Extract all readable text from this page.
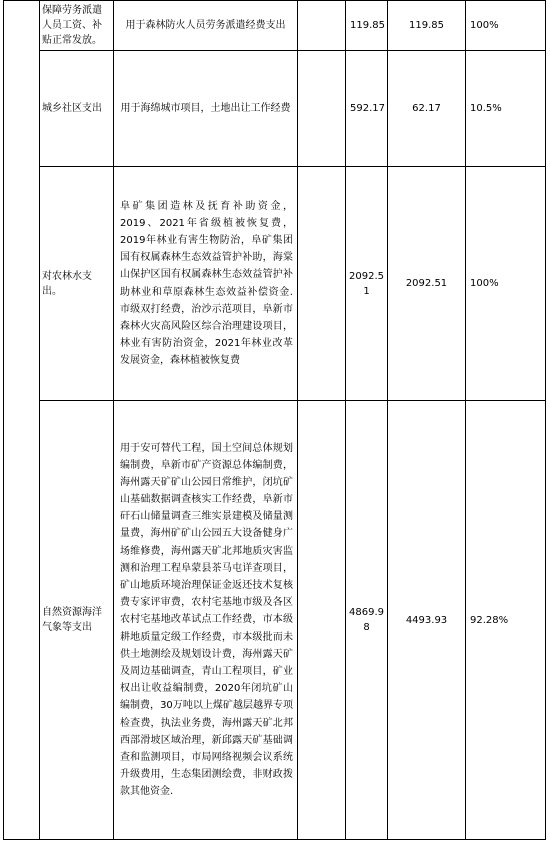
	保障劳务派遣人员工资、补贴正常发放。	用于森林防火人员劳务派遣经费支出		119.85	119.85	100%

	城乡社区支出	用于海绵城市项目，土地出让工作经费		592.17	62.17	10.5%

	对农林水支出。	阜矿集团造林及抚育补助资金，2019、2021年省级植被恢复费，2019年林业有害生物防治，阜矿集团国有权属森林生态效益管护补助，海棠山保护区国有权属森林生态效益管护补助林业和草原森林生态效益补偿资金. 市级双打经费，治沙示范项目，阜新市森林火灾高风险区综合治理建设项目，林业有害防治资金，2021年林业改革发展资金，森林植被恢复费		2092.51	2092.51	100%

	自然资源海洋气象等支出	用于安可替代工程，国土空间总体规划编制费，阜新市矿产资源总体编制费，海州露天矿矿山公园日常维护，闭坑矿山基础数据调查核实工作经费，阜新市矸石山储量调查三维实景建模及储量测量费，海州矿矿山公园五大设备健身广场维修费，海州露天矿北邦地质灾害监测和治理工程阜蒙县茶马屯详查项目，矿山地质环境治理保证金返还技术复核费专家评审费，农村宅基地市级及各区农村宅基地改革试点工作经费，市本级耕地质量定级工作经费，市本级批而未供土地测绘及规划设计费，海州露天矿及周边基础调查，青山工程项目，矿业权出让收益编制费，2020年闭坑矿山编制费，30万吨以上煤矿越层越界专项检查费，执法业务费，海州露天矿北邦西部滑坡区域治理，新邱露天矿基础调查和监测项目，市局网络视频会议系统升级费用，生态集团测绘费，非财政拨款其他资金.		4869.98	4493.93	92.28%
